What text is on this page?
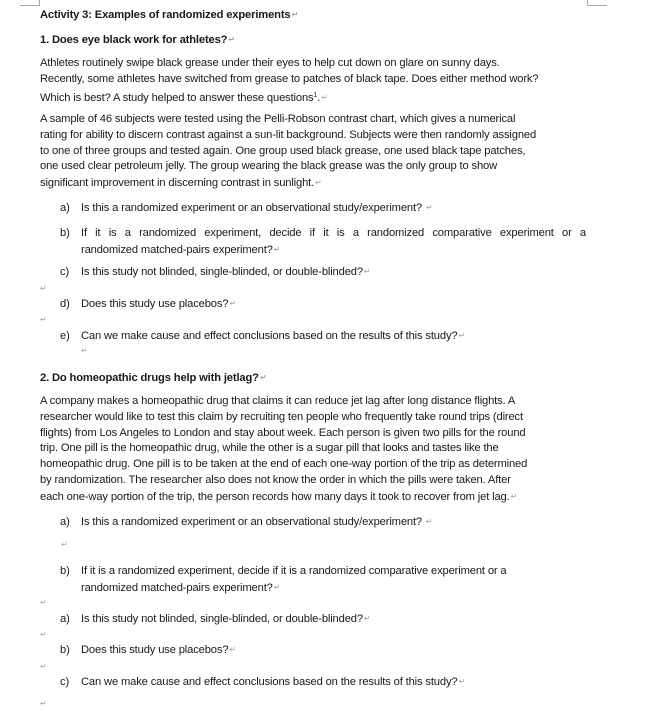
Activity 3: Examples of randomized experiments↵
1. Does eye black work for athletes?↵
Athletes routinely swipe black grease under their eyes to help cut down on glare on sunny days.
Recently, some athletes have switched from grease to patches of black tape. Does either method work?
Which is best? A study helped to answer these questions$^1$.↵
A sample of 46 subjects were tested using the Pelli-Robson contrast chart, which gives a numerical
rating for ability to discern contrast against a sun-lit background. Subjects were then randomly assigned
to one of three groups and tested again. One group used black grease, one used black tape patches,
one used clear petroleum jelly. The group wearing the black grease was the only group to show
significant improvement in discerning contrast in sunlight.↵
a) Is this a randomized experiment or an observational study/experiment? ↵
b) If it is a randomized experiment, decide if it is a randomized comparative experiment or a
randomized matched-pairs experiment?↵
c) Is this study not blinded, single-blinded, or double-blinded?↵
↵
d) Does this study use placebos?↵
↵
e) Can we make cause and effect conclusions based on the results of this study?↵
↵
2. Do homeopathic drugs help with jetlag?↵
A company makes a homeopathic drug that claims it can reduce jet lag after long distance flights. A
researcher would like to test this claim by recruiting ten people who frequently take round trips (direct
flights) from Los Angeles to London and stay about week. Each person is given two pills for the round
trip. One pill is the homeopathic drug, while the other is a sugar pill that looks and tastes like the
homeopathic drug. One pill is to be taken at the end of each one-way portion of the trip as determined
by randomization. The researcher also does not know the order in which the pills were taken. After
each one-way portion of the trip, the person records how many days it took to recover from jet lag.↵
a) Is this a randomized experiment or an observational study/experiment? ↵
↵
b) If it is a randomized experiment, decide if it is a randomized comparative experiment or a
randomized matched-pairs experiment?↵
↵
a) Is this study not blinded, single-blinded, or double-blinded?↵
↵
b) Does this study use placebos?↵
↵
c) Can we make cause and effect conclusions based on the results of this study?↵
↵
